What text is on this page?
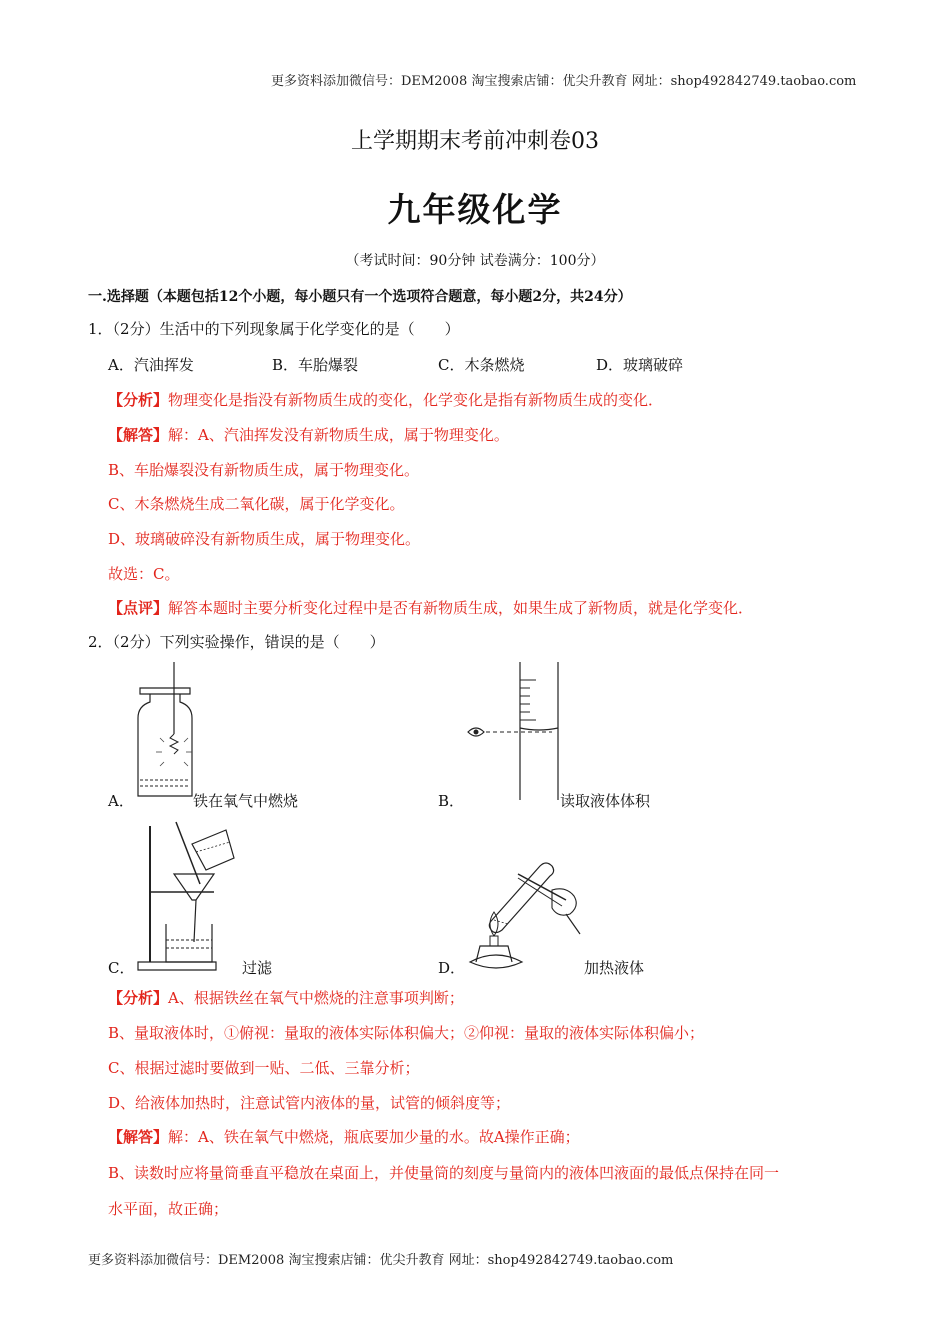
更多资料添加微信号：DEM2008 淘宝搜索店铺：优尖升教育 网址：shop492842749.taobao.com
上学期期末考前冲刺卷03
九年级化学
（考试时间：90分钟 试卷满分：100分）
一.选择题（本题包括12个小题，每小题只有一个选项符合题意，每小题2分，共24分）
1．（2分）生活中的下列现象属于化学变化的是（　　）
A．汽油挥发	B．车胎爆裂	C．木条燃烧	D．玻璃破碎
【分析】物理变化是指没有新物质生成的变化，化学变化是指有新物质生成的变化．
【解答】解：A、汽油挥发没有新物质生成，属于物理变化。
B、车胎爆裂没有新物质生成，属于物理变化。
C、木条燃烧生成二氧化碳，属于化学变化。
D、玻璃破碎没有新物质生成，属于物理变化。
故选：C。
【点评】解答本题时主要分析变化过程中是否有新物质生成，如果生成了新物质，就是化学变化．
2．（2分）下列实验操作，错误的是（　　）
A．	铁在氧气中燃烧	B．	读取液体体积
C．	过滤	D．	加热液体
【分析】A、根据铁丝在氧气中燃烧的注意事项判断；
B、量取液体时，①俯视：量取的液体实际体积偏大；②仰视：量取的液体实际体积偏小；
C、根据过滤时要做到一贴、二低、三靠分析；
D、给液体加热时，注意试管内液体的量，试管的倾斜度等；
【解答】解：A、铁在氧气中燃烧，瓶底要加少量的水。故A操作正确；
B、读数时应将量筒垂直平稳放在桌面上，并使量筒的刻度与量筒内的液体凹液面的最低点保持在同一
水平面，故正确；
更多资料添加微信号：DEM2008 淘宝搜索店铺：优尖升教育 网址：shop492842749.taobao.com
